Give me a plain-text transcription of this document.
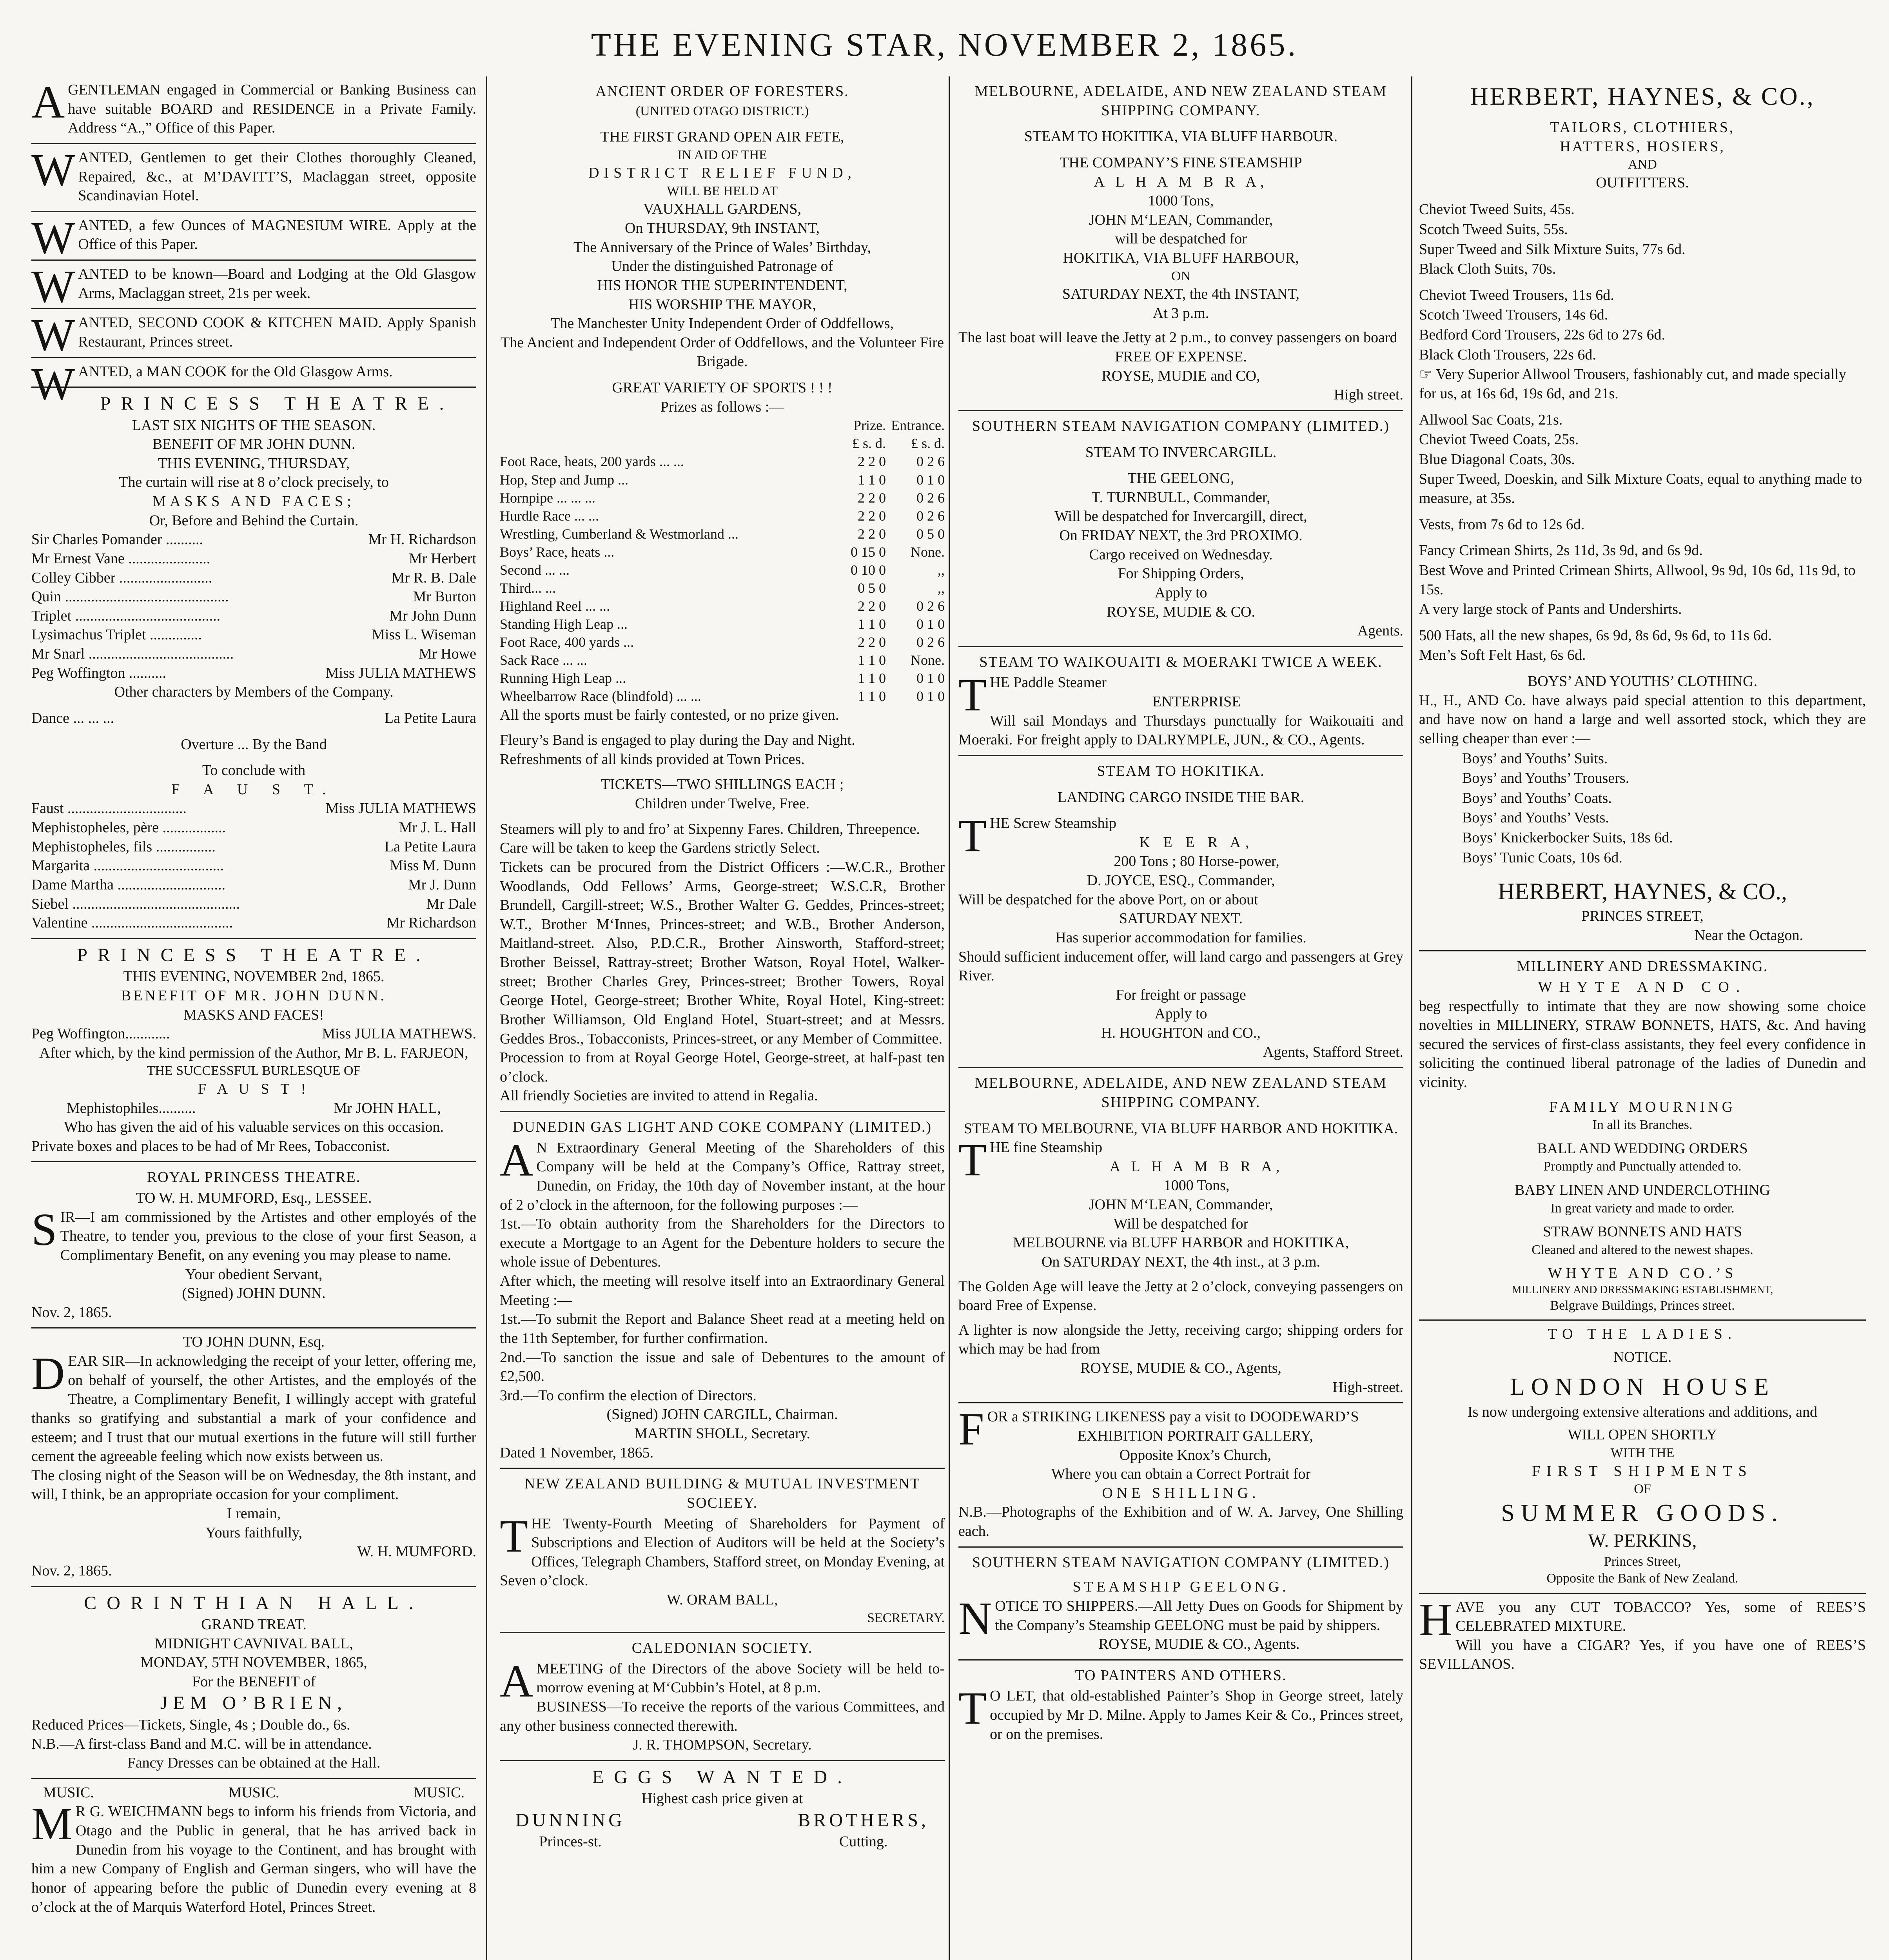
THE EVENING STAR, NOVEMBER 2, 1865.
AGENTLEMAN engaged in Commercial or Banking Business can have suitable BOARD and RESIDENCE in a Private Family. Address “A.,” Office of this Paper.
WANTED, Gentlemen to get their Clothes thoroughly Cleaned, Repaired, &c., at M’DAVITT’S, Maclaggan street, opposite Scandinavian Hotel.
WANTED, a few Ounces of MAGNESIUM WIRE. Apply at the Office of this Paper.
WANTED to be known—Board and Lodging at the Old Glasgow Arms, Maclaggan street, 21s per week.
WANTED, SECOND COOK & KITCHEN MAID. Apply Spanish Restaurant, Princes street.
WANTED, a MAN COOK for the Old Glasgow Arms.
PRINCESS THEATRE.
LAST SIX NIGHTS OF THE SEASON.
BENEFIT OF MR JOHN DUNN.
THIS EVENING, THURSDAY,
The curtain will rise at 8 o’clock precisely, to
MASKS AND FACES;
Or, Before and Behind the Curtain.
Sir Charles Pomander ..........	Mr H. Richardson
Mr Ernest Vane ......................	Mr Herbert
Colley Cibber .........................	Mr R. B. Dale
Quin ............................................	Mr Burton
Triplet .......................................	Mr John Dunn
Lysimachus Triplet ..............	Miss L. Wiseman
Mr Snarl .......................................	Mr Howe
Peg Woffington ..........	Miss JULIA MATHEWS
Other characters by Members of the Company.
Dance ... ... ...	La Petite Laura
Overture ... By the Band
To conclude with
F A U S T.
Faust ................................	Miss JULIA MATHEWS
Mephistopheles, père .................	Mr J. L. Hall
Mephistopheles, fils ................	La Petite Laura
Margarita ...................................	Miss M. Dunn
Dame Martha .............................	Mr J. Dunn
Siebel .............................................	Mr Dale
Valentine ......................................	Mr Richardson
PRINCESS THEATRE.
THIS EVENING, NOVEMBER 2nd, 1865.
BENEFIT OF MR. JOHN DUNN.
MASKS AND FACES!
Peg Woffington............	Miss JULIA MATHEWS.
After which, by the kind permission of the Author, Mr B. L. FARJEON,
THE SUCCESSFUL BURLESQUE OF
F A U S T !
Mephistophiles..........	Mr JOHN HALL,
Who has given the aid of his valuable services on this occasion.
Private boxes and places to be had of Mr Rees, Tobacconist.
ROYAL PRINCESS THEATRE.
TO W. H. MUMFORD, Esq., LESSEE.
SIR—I am commissioned by the Artistes and other employés of the Theatre, to tender you, previous to the close of your first Season, a Complimentary Benefit, on any evening you may please to name.
Your obedient Servant,
(Signed) JOHN DUNN.
Nov. 2, 1865.
TO JOHN DUNN, Esq.
DEAR SIR—In acknowledging the receipt of your letter, offering me, on behalf of yourself, the other Artistes, and the employés of the Theatre, a Complimentary Benefit, I willingly accept with grateful thanks so gratifying and substantial a mark of your confidence and esteem; and I trust that our mutual exertions in the future will still further cement the agreeable feeling which now exists between us.
The closing night of the Season will be on Wednesday, the 8th instant, and will, I think, be an appropriate occasion for your compliment.
I remain,
Yours faithfully,
W. H. MUMFORD.
Nov. 2, 1865.
CORINTHIAN HALL.
GRAND TREAT.
MIDNIGHT CAVNIVAL BALL,
MONDAY, 5TH NOVEMBER, 1865,
For the BENEFIT of
JEM O’BRIEN,
Reduced Prices—Tickets, Single, 4s ; Double do., 6s.
N.B.—A first-class Band and M.C. will be in attendance.
Fancy Dresses can be obtained at the Hall.
MUSIC.	MUSIC.	MUSIC.
MR G. WEICHMANN begs to inform his friends from Victoria, and Otago and the Public in general, that he has arrived back in Dunedin from his voyage to the Continent, and has brought with him a new Company of English and German singers, who will have the honor of appearing before the public of Dunedin every evening at 8 o’clock at the of Marquis Waterford Hotel, Princes Street.
ANCIENT ORDER OF FORESTERS.
(UNITED OTAGO DISTRICT.)
THE FIRST GRAND OPEN AIR FETE,
IN AID OF THE
DISTRICT RELIEF FUND,
WILL BE HELD AT
VAUXHALL GARDENS,
On THURSDAY, 9th INSTANT,
The Anniversary of the Prince of Wales’ Birthday,
Under the distinguished Patronage of
HIS HONOR THE SUPERINTENDENT,
HIS WORSHIP THE MAYOR,
The Manchester Unity Independent Order of Oddfellows,
The Ancient and Independent Order of Oddfellows, and the Volunteer Fire Brigade.
GREAT VARIETY OF SPORTS ! ! !
Prizes as follows :—
	Prize.	Entrance.
	£ s. d.	£ s. d.
Foot Race, heats, 200 yards ... ...	2 2 0	0 2 6
Hop, Step and Jump ...	1 1 0	0 1 0
Hornpipe ... ... ...	2 2 0	0 2 6
Hurdle Race ... ...	2 2 0	0 2 6
Wrestling, Cumberland & Westmorland ...	2 2 0	0 5 0
Boys’ Race, heats ...	0 15 0	None.
Second ... ...	0 10 0	,,
Third... ...	0 5 0	,,
Highland Reel ... ...	2 2 0	0 2 6
Standing High Leap ...	1 1 0	0 1 0
Foot Race, 400 yards ...	2 2 0	0 2 6
Sack Race ... ...	1 1 0	None.
Running High Leap ...	1 1 0	0 1 0
Wheelbarrow Race (blindfold) ... ...	1 1 0	0 1 0
All the sports must be fairly contested, or no prize given.
Fleury’s Band is engaged to play during the Day and Night.
Refreshments of all kinds provided at Town Prices.
TICKETS—TWO SHILLINGS EACH ;
Children under Twelve, Free.
Steamers will ply to and fro’ at Sixpenny Fares. Children, Threepence.
Care will be taken to keep the Gardens strictly Select.
Tickets can be procured from the District Officers :—W.C.R., Brother Woodlands, Odd Fellows’ Arms, George-street; W.S.C.R, Brother Brundell, Cargill-street; W.S., Brother Walter G. Geddes, Princes-street; W.T., Brother M‘Innes, Princes-street; and W.B., Brother Anderson, Maitland-street. Also, P.D.C.R., Brother Ainsworth, Stafford-street; Brother Beissel, Rattray-street; Brother Watson, Royal Hotel, Walker-street; Brother Charles Grey, Princes-street; Brother Towers, Royal George Hotel, George-street; Brother White, Royal Hotel, King-street: Brother Williamson, Old England Hotel, Stuart-street; and at Messrs. Geddes Bros., Tobacconists, Princes-street, or any Member of Committee.
Procession to from at Royal George Hotel, George-street, at half-past ten o’clock.
All friendly Societies are invited to attend in Regalia.
DUNEDIN GAS LIGHT AND COKE COMPANY (LIMITED.)
AN Extraordinary General Meeting of the Shareholders of this Company will be held at the Company’s Office, Rattray street, Dunedin, on Friday, the 10th day of November instant, at the hour of 2 o’clock in the afternoon, for the following purposes :—
1st.—To obtain authority from the Shareholders for the Directors to execute a Mortgage to an Agent for the Debenture holders to secure the whole issue of Debentures.
After which, the meeting will resolve itself into an Extraordinary General Meeting :—
1st.—To submit the Report and Balance Sheet read at a meeting held on the 11th September, for further confirmation.
2nd.—To sanction the issue and sale of Debentures to the amount of £2,500.
3rd.—To confirm the election of Directors.
(Signed) JOHN CARGILL, Chairman.
MARTIN SHOLL, Secretary.
Dated 1 November, 1865.
NEW ZEALAND BUILDING & MUTUAL INVESTMENT SOCIEEY.
THE Twenty-Fourth Meeting of Shareholders for Payment of Subscriptions and Election of Auditors will be held at the Society’s Offices, Telegraph Chambers, Stafford street, on Monday Evening, at Seven o’clock.
W. ORAM BALL,
SECRETARY.
CALEDONIAN SOCIETY.
AMEETING of the Directors of the above Society will be held to-morrow evening at M‘Cubbin’s Hotel, at 8 p.m.
BUSINESS—To receive the reports of the various Committees, and any other business connected therewith.
J. R. THOMPSON, Secretary.
EGGS WANTED.
Highest cash price given at
DUNNING
Princes-st.
BROTHERS,
Cutting.
MELBOURNE, ADELAIDE, AND NEW ZEALAND STEAM SHIPPING COMPANY.
STEAM TO HOKITIKA, VIA BLUFF HARBOUR.
THE COMPANY’S FINE STEAMSHIP
A L H A M B R A,
1000 Tons,
JOHN M‘LEAN, Commander,
will be despatched for
HOKITIKA, VIA BLUFF HARBOUR,
ON
SATURDAY NEXT, the 4th INSTANT,
At 3 p.m.
The last boat will leave the Jetty at 2 p.m., to convey passengers on board
FREE OF EXPENSE.
ROYSE, MUDIE and CO,
High street.
SOUTHERN STEAM NAVIGATION COMPANY (LIMITED.)
STEAM TO INVERCARGILL.
THE GEELONG,
T. TURNBULL, Commander,
Will be despatched for Invercargill, direct,
On FRIDAY NEXT, the 3rd PROXIMO.
Cargo received on Wednesday.
For Shipping Orders,
Apply to
ROYSE, MUDIE & CO.
Agents.
STEAM TO WAIKOUAITI & MOERAKI TWICE A WEEK.
THE Paddle Steamer
ENTERPRISE
Will sail Mondays and Thursdays punctually for Waikouaiti and Moeraki. For freight apply to DALRYMPLE, JUN., & CO., Agents.
STEAM TO HOKITIKA.
LANDING CARGO INSIDE THE BAR.
THE Screw Steamship
K E E R A,
200 Tons ; 80 Horse-power,
D. JOYCE, ESQ., Commander,
Will be despatched for the above Port, on or about
SATURDAY NEXT.
Has superior accommodation for families.
Should sufficient inducement offer, will land cargo and passengers at Grey River.
For freight or passage
Apply to
H. HOUGHTON and CO.,
Agents, Stafford Street.
MELBOURNE, ADELAIDE, AND NEW ZEALAND STEAM SHIPPING COMPANY.
STEAM TO MELBOURNE, VIA BLUFF HARBOR AND HOKITIKA.
THE fine Steamship
A L H A M B R A,
1000 Tons,
JOHN M‘LEAN, Commander,
Will be despatched for
MELBOURNE via BLUFF HARBOR and HOKITIKA,
On SATURDAY NEXT, the 4th inst., at 3 p.m.
The Golden Age will leave the Jetty at 2 o’clock, conveying passengers on board Free of Expense.
A lighter is now alongside the Jetty, receiving cargo; shipping orders for which may be had from
ROYSE, MUDIE & CO., Agents,
High-street.
FOR a STRIKING LIKENESS pay a visit to DOODEWARD’S
EXHIBITION PORTRAIT GALLERY,
Opposite Knox’s Church,
Where you can obtain a Correct Portrait for
ONE SHILLING.
N.B.—Photographs of the Exhibition and of W. A. Jarvey, One Shilling each.
SOUTHERN STEAM NAVIGATION COMPANY (LIMITED.)
STEAMSHIP GEELONG.
NOTICE TO SHIPPERS.—All Jetty Dues on Goods for Shipment by the Company’s Steamship GEELONG must be paid by shippers.
ROYSE, MUDIE & CO., Agents.
TO PAINTERS AND OTHERS.
TO LET, that old-established Painter’s Shop in George street, lately occupied by Mr D. Milne. Apply to James Keir & Co., Princes street, or on the premises.
HERBERT, HAYNES, & CO.,
TAILORS, CLOTHIERS,
HATTERS, HOSIERS,
AND
OUTFITTERS.
Cheviot Tweed Suits, 45s.
Scotch Tweed Suits, 55s.
Super Tweed and Silk Mixture Suits, 77s 6d.
Black Cloth Suits, 70s.
Cheviot Tweed Trousers, 11s 6d.
Scotch Tweed Trousers, 14s 6d.
Bedford Cord Trousers, 22s 6d to 27s 6d.
Black Cloth Trousers, 22s 6d.
☞ Very Superior Allwool Trousers, fashionably cut, and made specially for us, at 16s 6d, 19s 6d, and 21s.
Allwool Sac Coats, 21s.
Cheviot Tweed Coats, 25s.
Blue Diagonal Coats, 30s.
Super Tweed, Doeskin, and Silk Mixture Coats, equal to anything made to measure, at 35s.
Vests, from 7s 6d to 12s 6d.
Fancy Crimean Shirts, 2s 11d, 3s 9d, and 6s 9d.
Best Wove and Printed Crimean Shirts, Allwool, 9s 9d, 10s 6d, 11s 9d, to 15s.
A very large stock of Pants and Undershirts.
500 Hats, all the new shapes, 6s 9d, 8s 6d, 9s 6d, to 11s 6d.
Men’s Soft Felt Hast, 6s 6d.
BOYS’ AND YOUTHS’ CLOTHING.
H., H., AND Co. have always paid special attention to this department, and have now on hand a large and well assorted stock, which they are selling cheaper than ever :—
Boys’ and Youths’ Suits.
Boys’ and Youths’ Trousers.
Boys’ and Youths’ Coats.
Boys’ and Youths’ Vests.
Boys’ Knickerbocker Suits, 18s 6d.
Boys’ Tunic Coats, 10s 6d.
HERBERT, HAYNES, & CO.,
PRINCES STREET,
Near the Octagon.
MILLINERY AND DRESSMAKING.
WHYTE AND CO.
beg respectfully to intimate that they are now showing some choice novelties in MILLINERY, STRAW BONNETS, HATS, &c. And having secured the services of first-class assistants, they feel every confidence in soliciting the continued liberal patronage of the ladies of Dunedin and vicinity.
FAMILY MOURNING
In all its Branches.
BALL AND WEDDING ORDERS
Promptly and Punctually attended to.
BABY LINEN AND UNDERCLOTHING
In great variety and made to order.
STRAW BONNETS AND HATS
Cleaned and altered to the newest shapes.
WHYTE AND CO.’S
MILLINERY AND DRESSMAKING ESTABLISHMENT,
Belgrave Buildings, Princes street.
TO THE LADIES.
NOTICE.
LONDON HOUSE
Is now undergoing extensive alterations and additions, and
WILL OPEN SHORTLY
WITH THE
FIRST SHIPMENTS
OF
SUMMER GOODS.
W. PERKINS,
Princes Street,
Opposite the Bank of New Zealand.
HAVE you any CUT TOBACCO? Yes, some of REES’S CELEBRATED MIXTURE.
Will you have a CIGAR? Yes, if you have one of REES’S SEVILLANOS.
